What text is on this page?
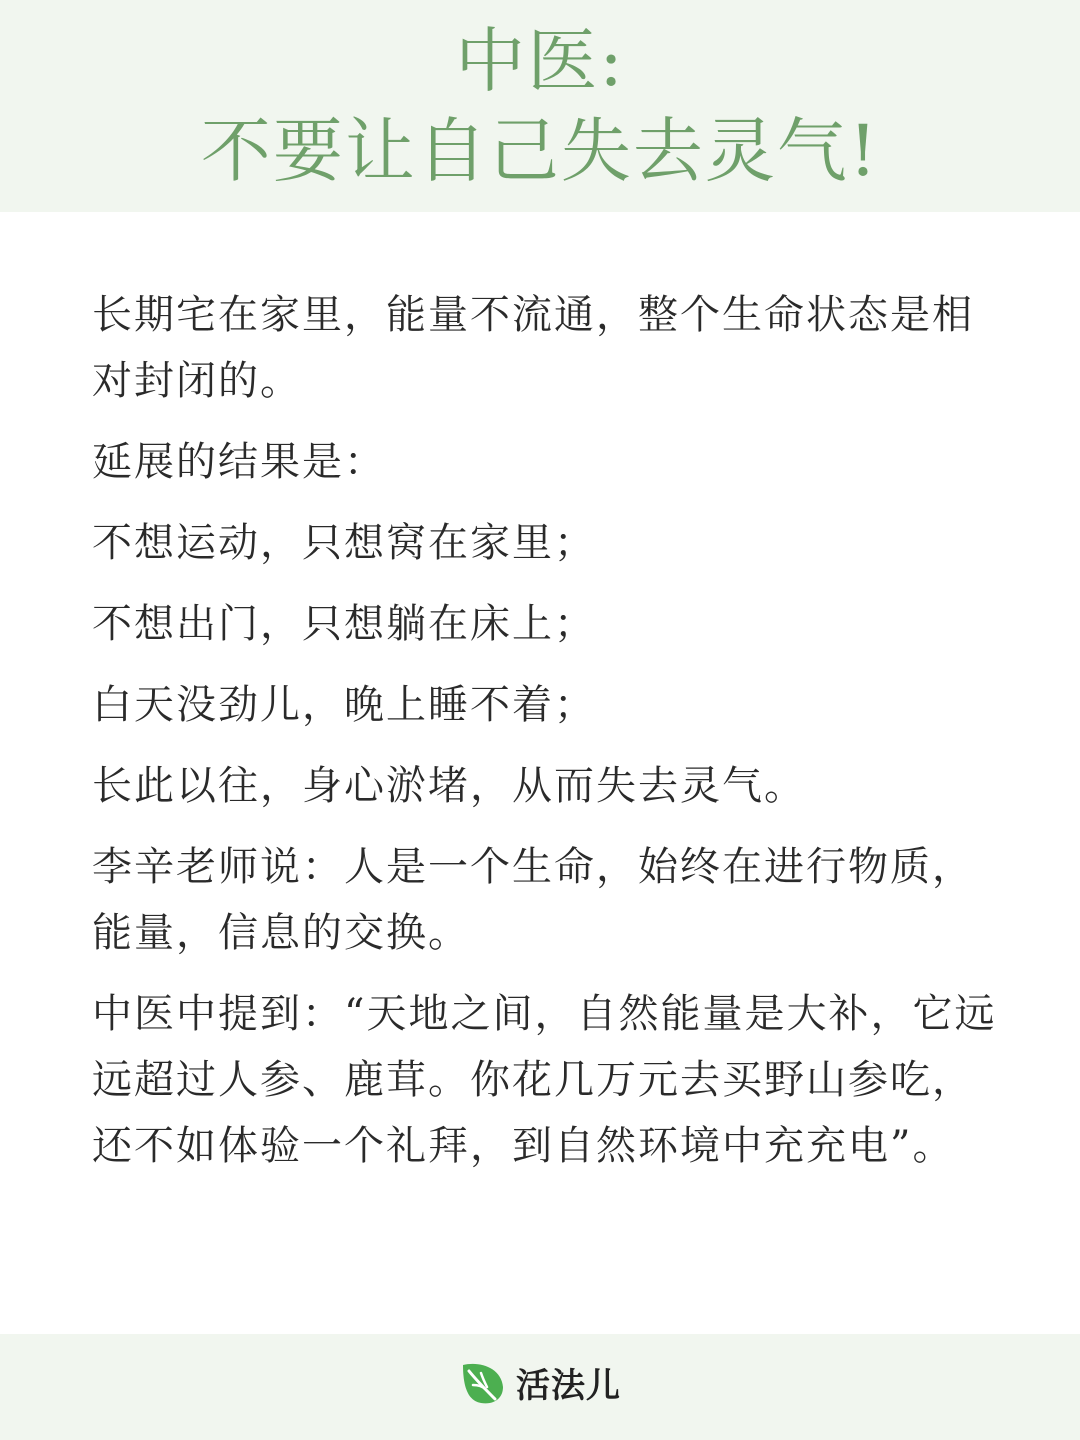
中医:
不要让自己失去灵气!

长期宅在家里，能量不流通，整个生命状态是相对封闭的。

延展的结果是：

不想运动，只想窝在家里；

不想出门，只想躺在床上；

白天没劲儿，晚上睡不着；

长此以往，身心淤堵，从而失去灵气。

李辛老师说：人是一个生命，始终在进行物质，能量，信息的交换。

中医中提到：“天地之间，自然能量是大补，它远远超过人参、鹿茸。你花几万元去买野山参吃，还不如体验一个礼拜，到自然环境中充充电”。

活法儿
